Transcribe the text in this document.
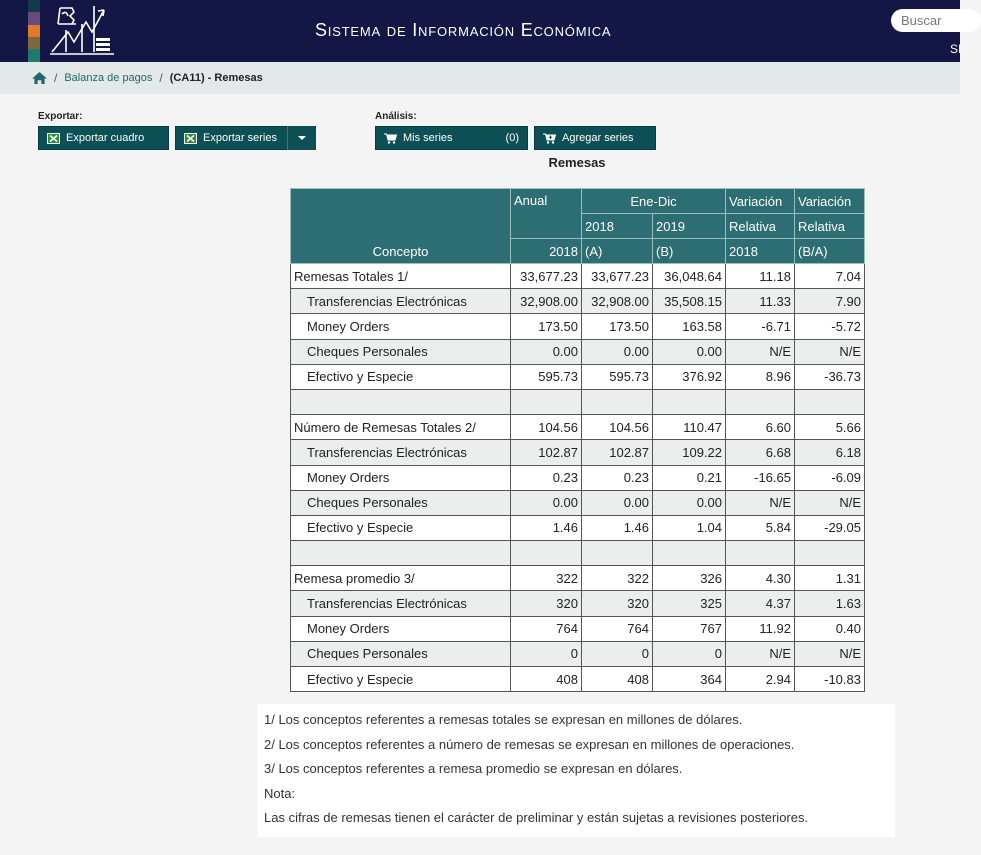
Sistema de Información Económica	Buscar
SI
/ Balanza de pagos / (CA11) - Remesas
Exportar:
Exportar cuadro	Exportar series
Análisis:
Mis series	(0)	Agregar series
Remesas
Concepto	Anual	Ene-Dic		Variación	Variación
		2018	2019	Relativa	Relativa
	2018	(A)	(B)	2018	(B/A)
Remesas Totales 1/	33,677.23	33,677.23	36,048.64	11.18	7.04
Transferencias Electrónicas	32,908.00	32,908.00	35,508.15	11.33	7.90
Money Orders	173.50	173.50	163.58	-6.71	-5.72
Cheques Personales	0.00	0.00	0.00	N/E	N/E
Efectivo y Especie	595.73	595.73	376.92	8.96	-36.73

Número de Remesas Totales 2/	104.56	104.56	110.47	6.60	5.66
Transferencias Electrónicas	102.87	102.87	109.22	6.68	6.18
Money Orders	0.23	0.23	0.21	-16.65	-6.09
Cheques Personales	0.00	0.00	0.00	N/E	N/E
Efectivo y Especie	1.46	1.46	1.04	5.84	-29.05

Remesa promedio 3/	322	322	326	4.30	1.31
Transferencias Electrónicas	320	320	325	4.37	1.63
Money Orders	764	764	767	11.92	0.40
Cheques Personales	0	0	0	N/E	N/E
Efectivo y Especie	408	408	364	2.94	-10.83

1/ Los conceptos referentes a remesas totales se expresan en millones de dólares.

2/ Los conceptos referentes a número de remesas se expresan en millones de operaciones.

3/ Los conceptos referentes a remesa promedio se expresan en dólares.

Nota:

Las cifras de remesas tienen el carácter de preliminar y están sujetas a revisiones posteriores.
